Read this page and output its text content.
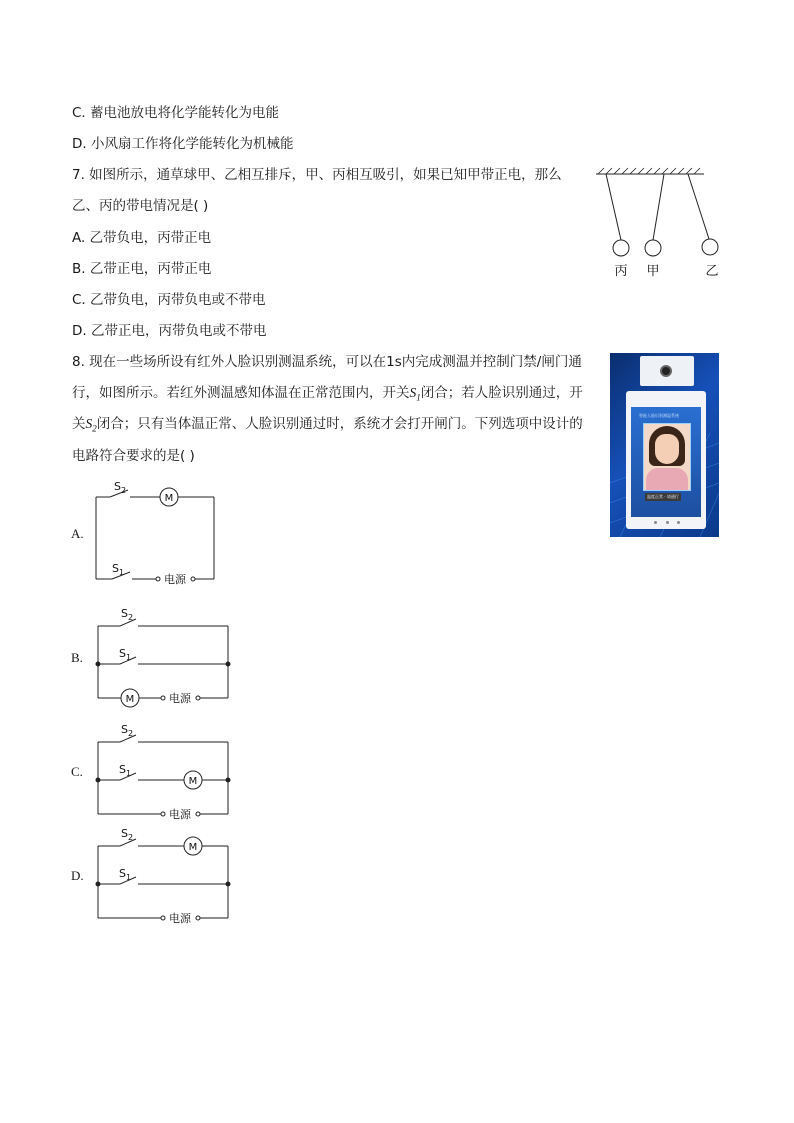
C. 蓄电池放电将化学能转化为电能
D. 小风扇工作将化学能转化为机械能
7. 如图所示，通草球甲、乙相互排斥，甲、丙相互吸引，如果已知甲带正电，那么
乙、丙的带电情况是( )
A. 乙带负电，丙带正电
B. 乙带正电，丙带正电
C. 乙带负电，丙带负电或不带电
D. 乙带正电，丙带负电或不带电
8. 现在一些场所设有红外人脸识别测温系统，可以在1s内完成测温并控制门禁/闸门通
行，如图所示。若红外测温感知体温在正常范围内，开关$S_1$闭合；若人脸识别通过，开
关$S_2$闭合；只有当体温正常、人脸识别通过时，系统才会打开闸门。下列选项中设计的
电路符合要求的是( )
丙 甲	乙
智能人脸识别测温系统
温度正常 · 请通行
A.
M
电源
$S_2$
$S_1$
B.
M	电源
$S_2$
$S_1$
C.
M
电源
$S_2$
$S_1$
D.
M
电源
$S_2$
$S_1$
